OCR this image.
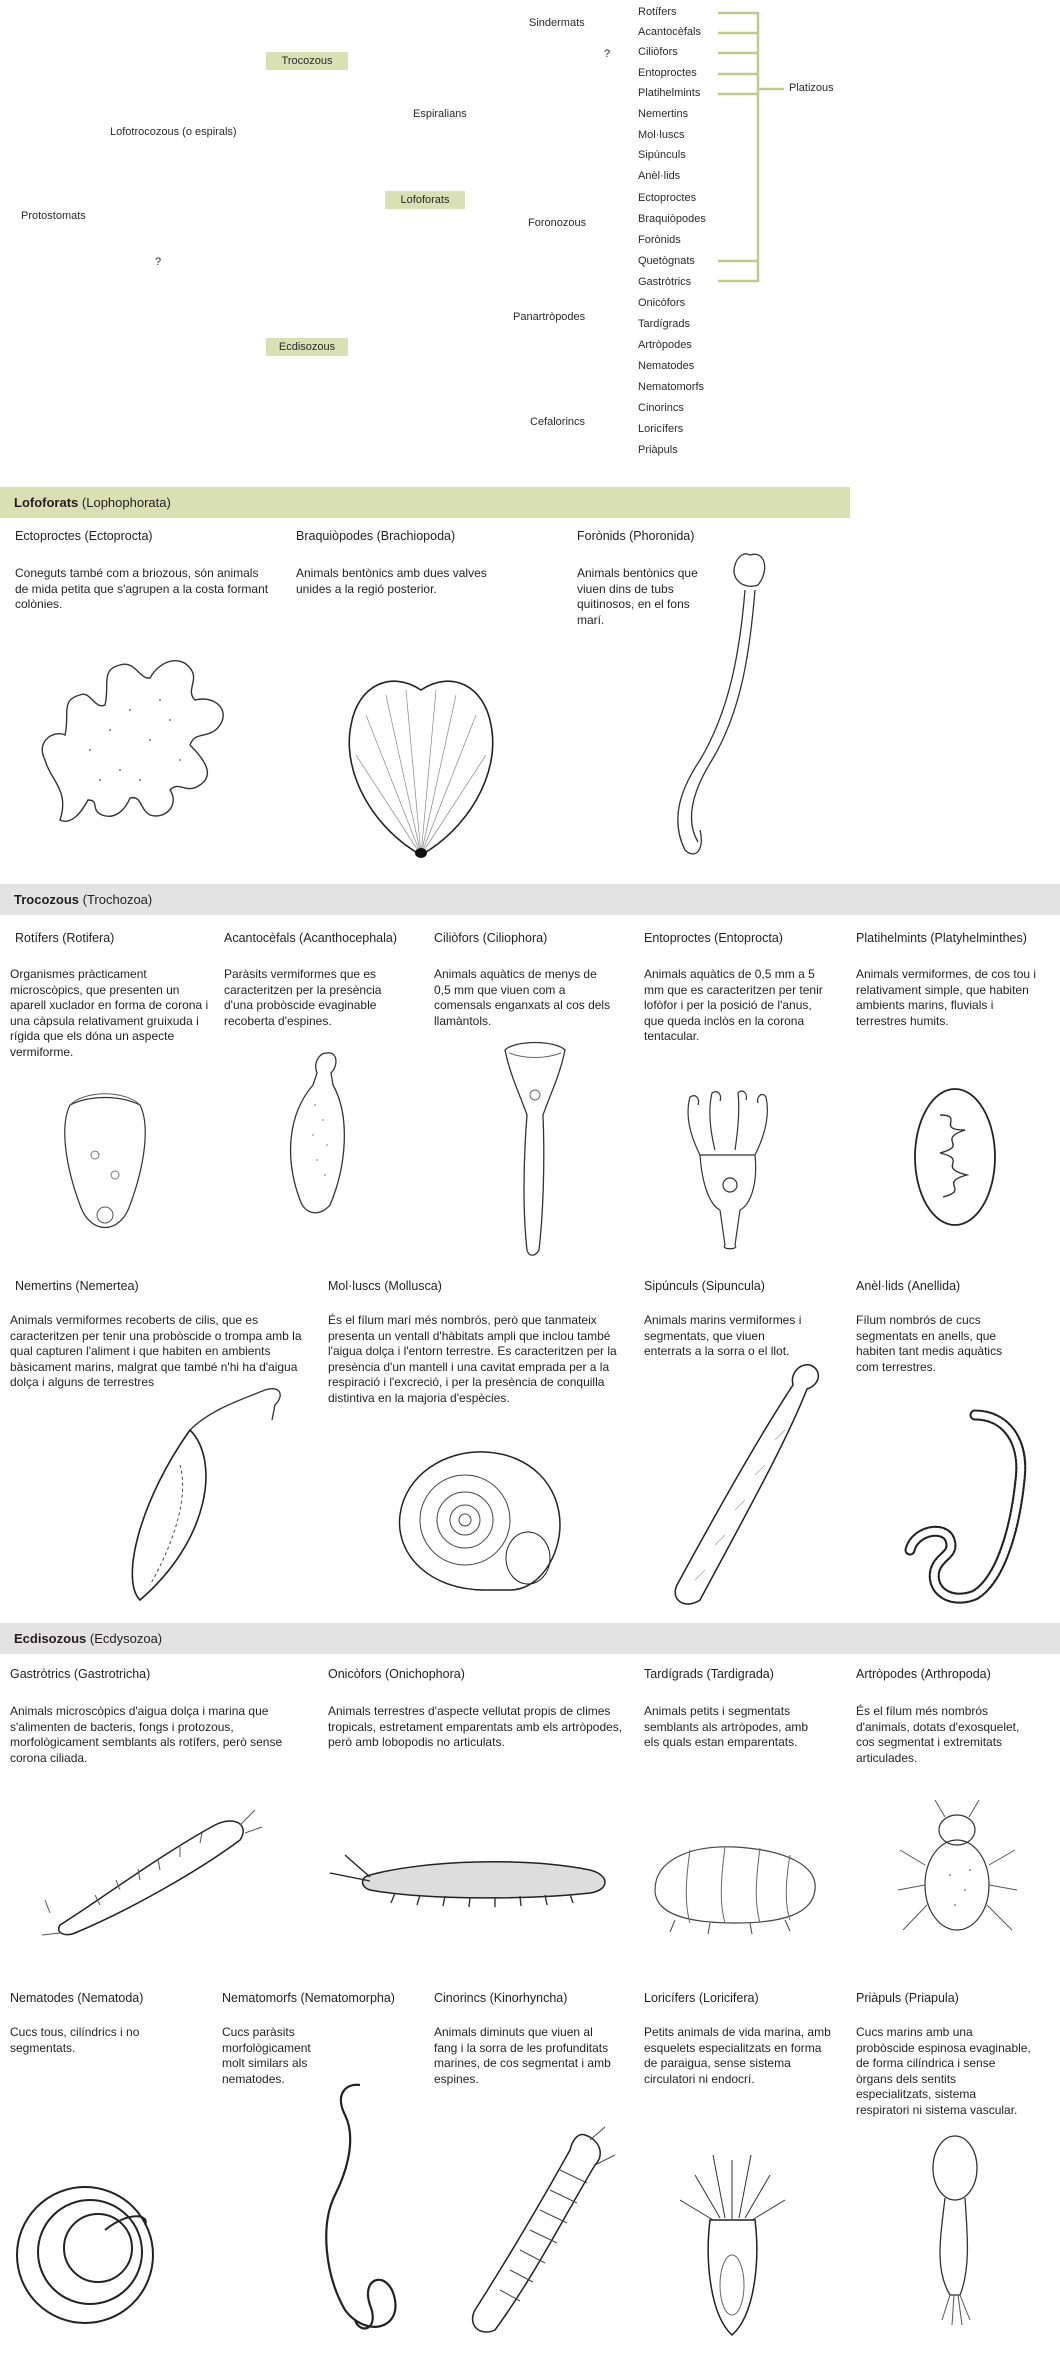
Protostomats
Lofotrocozous (o espirals)
?
Trocozous
Espiralians
Sindermats
?
Lofoforats
Foronozous
Ecdisozous
Panartròpodes
Cefalorincs
Platizous
Rotífers
Acantocèfals
Ciliòfors
Entoproctes
Platihelmints
Nemertins
Mol·luscs
Sipúnculs
Anèl·lids
Ectoproctes
Braquiòpodes
Forònids
Quetògnats
Gastròtrics
Onicòfors
Tardígrads
Artròpodes
Nematodes
Nematomorfs
Cinorincs
Loricífers
Priàpuls
Lofoforats (Lophophorata)
Ectoproctes (Ectoprocta)
Coneguts també com a briozous, són animals de mida petita que s'agrupen a la costa formant colònies.
Braquiòpodes (Brachiopoda)
Animals bentònics amb dues valves unides a la regió posterior.
Forònids (Phoronida)
Animals bentònics que viuen dins de tubs quitinosos, en el fons marí.
Trocozous (Trochozoa)
Rotífers (Rotifera)
Organismes pràcticament microscòpics, que presenten un aparell xuclador en forma de corona i una càpsula relativament gruixuda i rígida que els dóna un aspecte vermiforme.
Acantocèfals (Acanthocephala)
Paràsits vermiformes que es caracteritzen per la presència d'una probòscide evaginable recoberta d'espines.
Ciliòfors (Ciliophora)
Animals aquàtics de menys de 0,5 mm que viuen com a comensals enganxats al cos dels llamàntols.
Entoproctes (Entoprocta)
Animals aquàtics de 0,5 mm a 5 mm que es caracteritzen per tenir lofòfor i per la posició de l'anus, que queda inclòs en la corona tentacular.
Platihelmints (Platyhelminthes)
Animals vermiformes, de cos tou i relativament simple, que habiten ambients marins, fluvials i terrestres humits.
Nemertins (Nemertea)
Animals vermiformes recoberts de cilis, que es caracteritzen per tenir una probòscide o trompa amb la qual capturen l'aliment i que habiten en ambients bàsicament marins, malgrat que també n'hi ha d'aigua dolça i alguns de terrestres
Mol·luscs (Mollusca)
És el fílum marí més nombrós, però que tanmateix presenta un ventall d'hàbitats ampli que inclou també l'aigua dolça i l'entorn terrestre. Es caracteritzen per la presència d'un mantell i una cavitat emprada per a la respiració i l'excreció, i per la presència de conquilla distintiva en la majoria d'espècies.
Sipúnculs (Sipuncula)
Animals marins vermiformes i segmentats, que viuen enterrats a la sorra o el llot.
Anèl·lids (Anellida)
Fílum nombrós de cucs segmentats en anells, que habiten tant medis aquàtics com terrestres.
Ecdisozous (Ecdysozoa)
Gastròtrics (Gastrotricha)
Animals microscòpics d'aigua dolça i marina que s'alimenten de bacteris, fongs i protozous, morfològicament semblants als rotífers, però sense corona ciliada.
Onicòfors (Onichophora)
Animals terrestres d'aspecte vellutat propis de climes tropicals, estretament emparentats amb els artròpodes, però amb lobopodis no articulats.
Tardígrads (Tardigrada)
Animals petits i segmentats semblants als artròpodes, amb els quals estan emparentats.
Artròpodes (Arthropoda)
És el fílum més nombrós d'animals, dotats d'exosquelet, cos segmentat i extremitats articulades.
Nematodes (Nematoda)
Cucs tous, cilíndrics i no segmentats.
Nematomorfs (Nematomorpha)
Cucs paràsits morfològicament molt similars als nematodes.
Cinorincs (Kinorhyncha)
Animals diminuts que viuen al fang i la sorra de les profunditats marines, de cos segmentat i amb espines.
Loricífers (Loricifera)
Petits animals de vida marina, amb esquelets especialitzats en forma de paraigua, sense sistema circulatori ni endocrí.
Priàpuls (Priapula)
Cucs marins amb una probòscide espinosa evaginable, de forma cilíndrica i sense òrgans dels sentits especialitzats, sistema respiratori ni sistema vascular.
